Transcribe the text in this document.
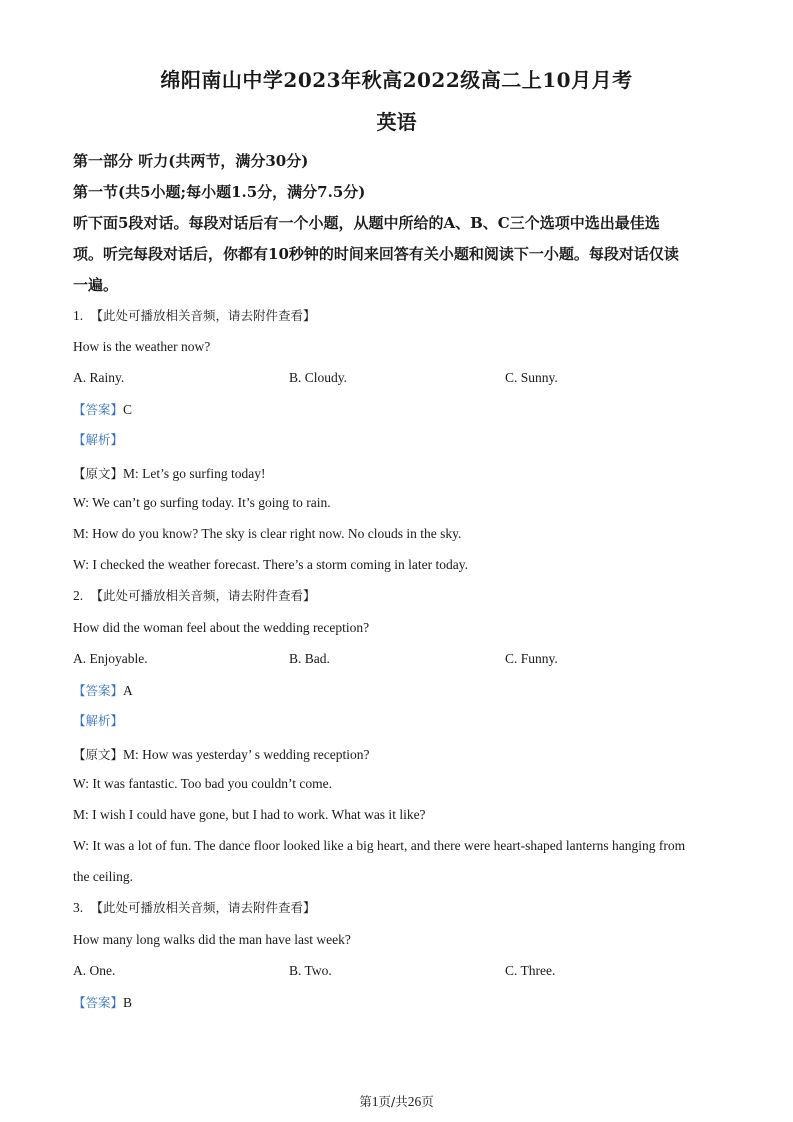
绵阳南山中学2023年秋高2022级高二上10月月考
英语
第一部分 听力(共两节，满分30分)
第一节(共5小题;每小题1.5分，满分7.5分)
听下面5段对话。每段对话后有一个小题，从题中所给的A、B、C三个选项中选出最佳选
项。听完每段对话后，你都有10秒钟的时间来回答有关小题和阅读下一小题。每段对话仅读
一遍。
1. 【此处可播放相关音频，请去附件查看】
How is the weather now?
A. Rainy.	B. Cloudy.	C. Sunny.
【答案】C
【解析】
【原文】M: Let’s go surfing today!
W: We can’t go surfing today. It’s going to rain.
M: How do you know? The sky is clear right now. No clouds in the sky.
W: I checked the weather forecast. There’s a storm coming in later today.
2. 【此处可播放相关音频，请去附件查看】
How did the woman feel about the wedding reception?
A. Enjoyable.	B. Bad.	C. Funny.
【答案】A
【解析】
【原文】M: How was yesterday’ s wedding reception?
W: It was fantastic. Too bad you couldn’t come.
M: I wish I could have gone, but I had to work. What was it like?
W: It was a lot of fun. The dance floor looked like a big heart, and there were heart-shaped lanterns hanging from
the ceiling.
3. 【此处可播放相关音频，请去附件查看】
How many long walks did the man have last week?
A. One.	B. Two.	C. Three.
【答案】B
第1页/共26页
